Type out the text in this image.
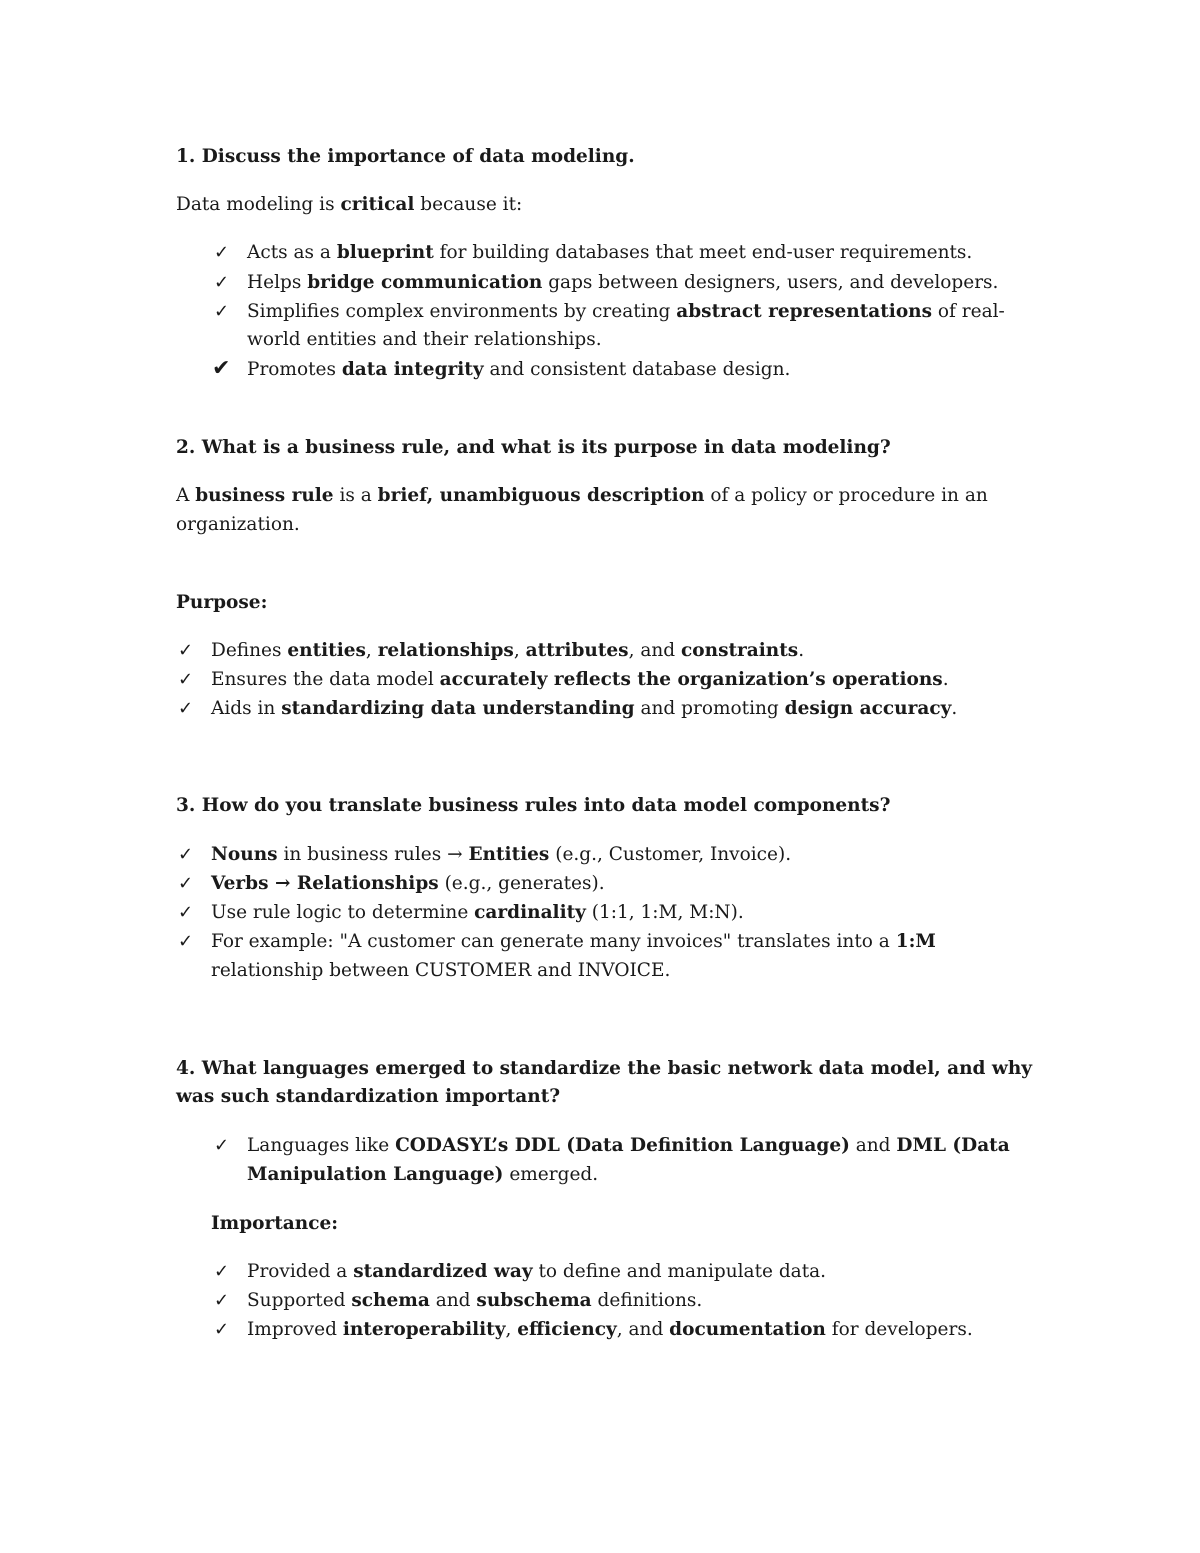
1. Discuss the importance of data modeling.
Data modeling is critical because it:
✓ Acts as a blueprint for building databases that meet end-user requirements.
✓ Helps bridge communication gaps between designers, users, and developers.
✓ Simplifies complex environments by creating abstract representations of real-
world entities and their relationships.
✔ Promotes data integrity and consistent database design.
2. What is a business rule, and what is its purpose in data modeling?
A business rule is a brief, unambiguous description of a policy or procedure in an
organization.
Purpose:
✓ Defines entities, relationships, attributes, and constraints.
✓ Ensures the data model accurately reflects the organization’s operations.
✓ Aids in standardizing data understanding and promoting design accuracy.
3. How do you translate business rules into data model components?
✓ Nouns in business rules → Entities (e.g., Customer, Invoice).
✓ Verbs → Relationships (e.g., generates).
✓ Use rule logic to determine cardinality (1:1, 1:M, M:N).
✓ For example: "A customer can generate many invoices" translates into a 1:M
relationship between CUSTOMER and INVOICE.
4. What languages emerged to standardize the basic network data model, and why
was such standardization important?
✓ Languages like CODASYL’s DDL (Data Definition Language) and DML (Data
Manipulation Language) emerged.
Importance:
✓ Provided a standardized way to define and manipulate data.
✓ Supported schema and subschema definitions.
✓ Improved interoperability, efficiency, and documentation for developers.
